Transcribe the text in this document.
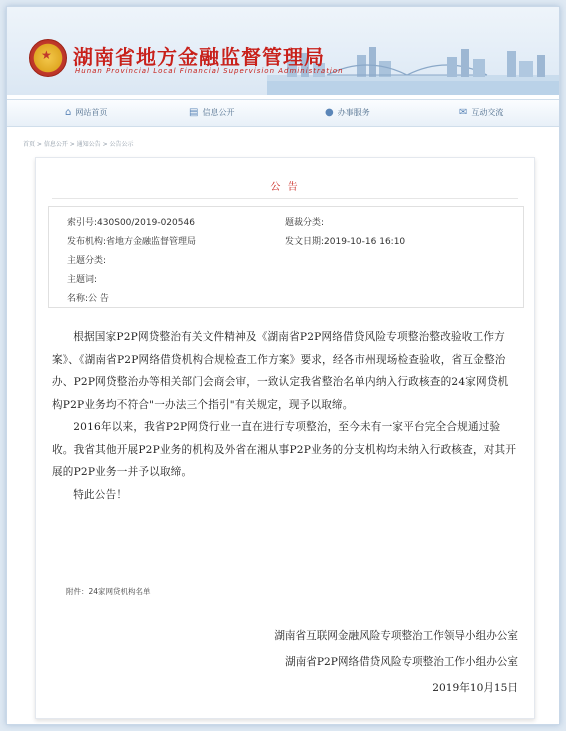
★ 湖南省地方金融监督管理局
Hunan Provincial Local Financial Supervision Administration
⌂ 网站首页	▤ 信息公开	● 办事服务	✉ 互动交流
首页 > 信息公开 > 通知公告 > 公告公示
公 告
索引号:430S00/2019-020546	题裁分类:
发布机构:省地方金融监督管理局	发文日期:2019-10-16 16:10
主题分类:
主题词:
名称:公 告

根据国家P2P网贷整治有关文件精神及《湖南省P2P网络借贷风险专项整治整改验收工作方案》、《湖南省P2P网络借贷机构合规检查工作方案》要求，经各市州现场检查验收，省互金整治办、P2P网贷整治办等相关部门会商会审，一致认定我省整治名单内纳入行政核查的24家网贷机构P2P业务均不符合"一办法三个指引"有关规定，现予以取缔。

2016年以来，我省P2P网贷行业一直在进行专项整治，至今未有一家平台完全合规通过验收。我省其他开展P2P业务的机构及外省在湘从事P2P业务的分支机构均未纳入行政核查，对其开展的P2P业务一并予以取缔。

特此公告！

附件：24家网贷机构名单
湖南省互联网金融风险专项整治工作领导小组办公室
湖南省P2P网络借贷风险专项整治工作小组办公室
2019年10月15日
